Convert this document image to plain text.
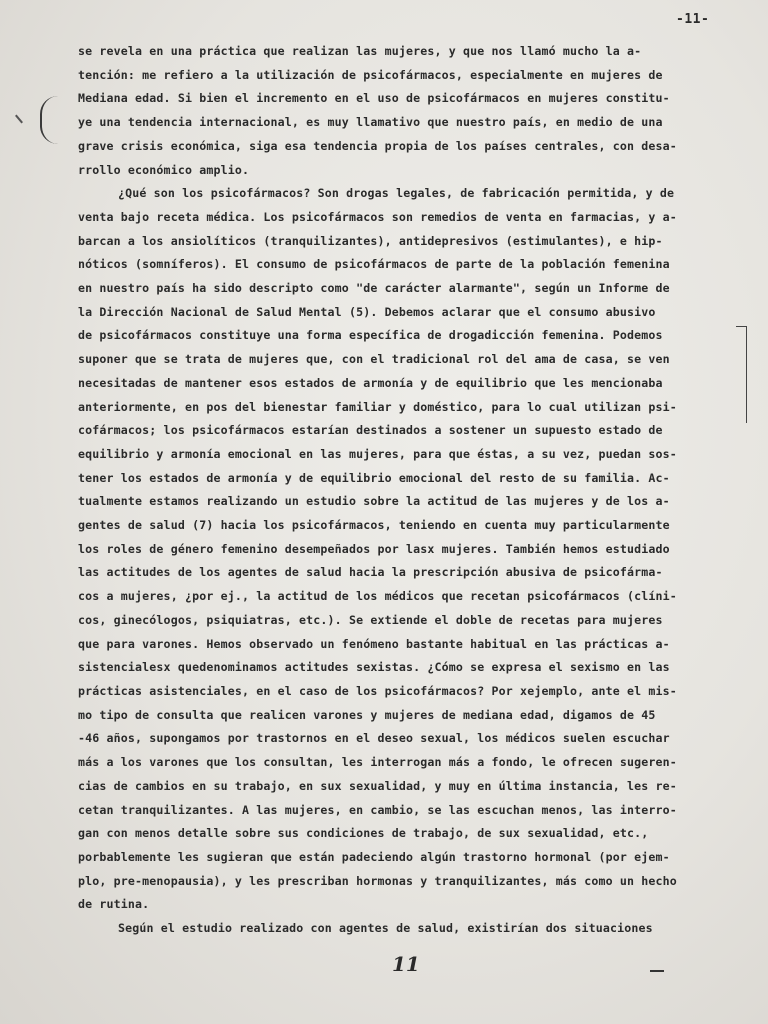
-11-
se revela en una práctica que realizan las mujeres, y que nos llamó mucho la a-
tención: me refiero a la utilización de psicofármacos, especialmente en mujeres de
Mediana edad. Si bien el incremento en el uso de psicofármacos en mujeres constitu-
ye una tendencia internacional, es muy llamativo que nuestro país, en medio de una
grave crisis económica, siga esa tendencia propia de los países centrales, con desa-
rrollo económico amplio.
¿Qué son los psicofármacos? Son drogas legales, de fabricación permitida, y de
venta bajo receta médica. Los psicofármacos son remedios de venta en farmacias, y a-
barcan a los ansiolíticos (tranquilizantes), antidepresivos (estimulantes), e hip-
nóticos (somníferos). El consumo de psicofármacos de parte de la población femenina
en nuestro país ha sido descripto como "de carácter alarmante", según un Informe de
la Dirección Nacional de Salud Mental (5). Debemos aclarar que el consumo abusivo
de psicofármacos constituye una forma específica de drogadicción femenina. Podemos
suponer que se trata de mujeres que, con el tradicional rol del ama de casa, se ven
necesitadas de mantener esos estados de armonía y de equilibrio que les mencionaba
anteriormente, en pos del bienestar familiar y doméstico, para lo cual utilizan psi-
cofármacos; los psicofármacos estarían destinados a sostener un supuesto estado de
equilibrio y armonía emocional en las mujeres, para que éstas, a su vez, puedan sos-
tener los estados de armonía y de equilibrio emocional del resto de su familia. Ac-
tualmente estamos realizando un estudio sobre la actitud de las mujeres y de los a-
gentes de salud (7) hacia los psicofármacos, teniendo en cuenta muy particularmente
los roles de género femenino desempeñados por lasx mujeres. También hemos estudiado
las actitudes de los agentes de salud hacia la prescripción abusiva de psicofárma-
cos a mujeres, ¿por ej., la actitud de los médicos que recetan psicofármacos (clíni-
cos, ginecólogos, psiquiatras, etc.). Se extiende el doble de recetas para mujeres
que para varones. Hemos observado un fenómeno bastante habitual en las prácticas a-
sistencialesx quedenominamos actitudes sexistas. ¿Cómo se expresa el sexismo en las
prácticas asistenciales, en el caso de los psicofármacos? Por xejemplo, ante el mis-
mo tipo de consulta que realicen varones y mujeres de mediana edad, digamos de 45
-46 años, supongamos por trastornos en el deseo sexual, los médicos suelen escuchar
más a los varones que los consultan, les interrogan más a fondo, le ofrecen sugeren-
cias de cambios en su trabajo, en sux sexualidad, y muy en última instancia, les re-
cetan tranquilizantes. A las mujeres, en cambio, se las escuchan menos, las interro-
gan con menos detalle sobre sus condiciones de trabajo, de sux sexualidad, etc.,
porbablemente les sugieran que están padeciendo algún trastorno hormonal (por ejem-
plo, pre-menopausia), y les prescriban hormonas y tranquilizantes, más como un hecho
de rutina.
Según el estudio realizado con agentes de salud, existirían dos situaciones
11
